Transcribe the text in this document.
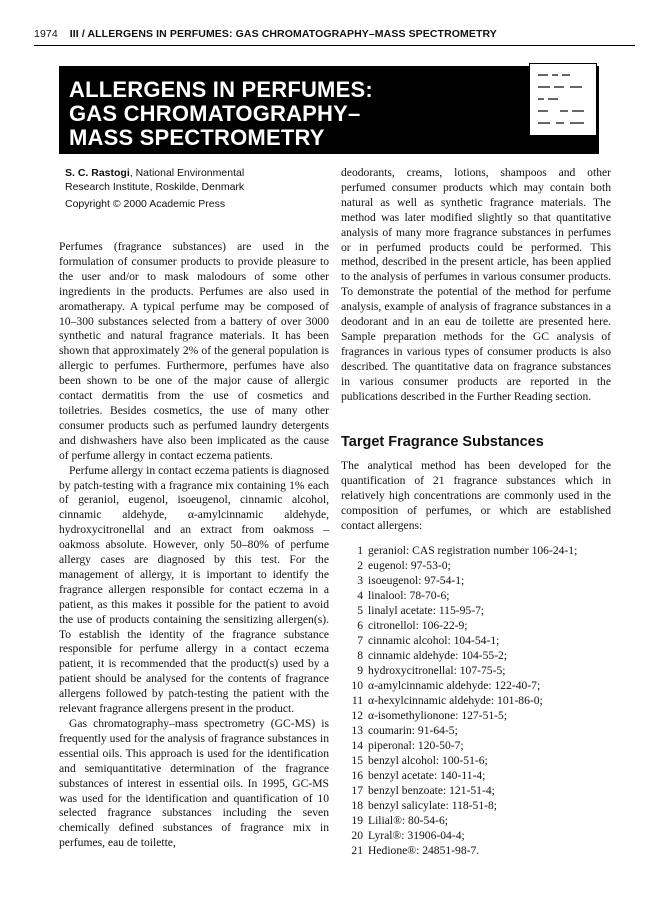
1974 III / ALLERGENS IN PERFUMES: GAS CHROMATOGRAPHY–MASS SPECTROMETRY
ALLERGENS IN PERFUMES:
GAS CHROMATOGRAPHY–
MASS SPECTROMETRY
S. C. Rastogi, National Environmental
Research Institute, Roskilde, Denmark
Copyright © 2000 Academic Press

Perfumes (fragrance substances) are used in the formulation of consumer products to provide pleasure to the user and/or to mask malodours of some other ingredients in the products. Perfumes are also used in aromatherapy. A typical perfume may be composed of 10–300 substances selected from a battery of over 3000 synthetic and natural fragrance materials. It has been shown that approximately 2% of the general population is allergic to perfumes. Furthermore, perfumes have also been shown to be one of the major cause of allergic contact dermatitis from the use of cosmetics and toiletries. Besides cosmetics, the use of many other consumer products such as perfumed laundry detergents and dishwashers have also been implicated as the cause of perfume allergy in contact eczema patients.

Perfume allergy in contact eczema patients is diagnosed by patch-testing with a fragrance mix containing 1% each of geraniol, eugenol, isoeugenol, cinnamic alcohol, cinnamic aldehyde, α-amylcinnamic aldehyde, hydroxycitronellal and an extract from oakmoss – oakmoss absolute. However, only 50–80% of perfume allergy cases are diagnosed by this test. For the management of allergy, it is important to identify the fragrance allergen responsible for contact eczema in a patient, as this makes it possible for the patient to avoid the use of products containing the sensitizing allergen(s). To establish the identity of the fragrance substance responsible for perfume allergy in a contact eczema patient, it is recommended that the product(s) used by a patient should be analysed for the contents of fragrance allergens followed by patch-testing the patient with the relevant fragrance allergens present in the product.

Gas chromatography–mass spectrometry (GC-MS) is frequently used for the analysis of fragrance substances in essential oils. This approach is used for the identification and semiquantitative determination of the fragrance substances of interest in essential oils. In 1995, GC-MS was used for the identification and quantification of 10 selected fragrance substances including the seven chemically defined substances of fragrance mix in perfumes, eau de toilette,

deodorants, creams, lotions, shampoos and other perfumed consumer products which may contain both natural as well as synthetic fragrance materials. The method was later modified slightly so that quantitative analysis of many more fragrance substances in perfumes or in perfumed products could be performed. This method, described in the present article, has been applied to the analysis of perfumes in various consumer products. To demonstrate the potential of the method for perfume analysis, example of analysis of fragrance substances in a deodorant and in an eau de toilette are presented here. Sample preparation methods for the GC analysis of fragrances in various types of consumer products is also described. The quantitative data on fragrance substances in various consumer products are reported in the publications described in the Further Reading section.

Target Fragrance Substances

The analytical method has been developed for the quantification of 21 fragrance substances which in relatively high concentrations are commonly used in the composition of perfumes, or which are established contact allergens:

1 geraniol: CAS registration number 106-24-1;
2 eugenol: 97-53-0;
3 isoeugenol: 97-54-1;
4 linalool: 78-70-6;
5 linalyl acetate: 115-95-7;
6 citronellol: 106-22-9;
7 cinnamic alcohol: 104-54-1;
8 cinnamic aldehyde: 104-55-2;
9 hydroxycitronellal: 107-75-5;
10 α-amylcinnamic aldehyde: 122-40-7;
11 α-hexylcinnamic aldehyde: 101-86-0;
12 α-isomethylionone: 127-51-5;
13 coumarin: 91-64-5;
14 piperonal: 120-50-7;
15 benzyl alcohol: 100-51-6;
16 benzyl acetate: 140-11-4;
17 benzyl benzoate: 121-51-4;
18 benzyl salicylate: 118-51-8;
19 Lilial®: 80-54-6;
20 Lyral®: 31906-04-4;
21 Hedione®: 24851-98-7.
